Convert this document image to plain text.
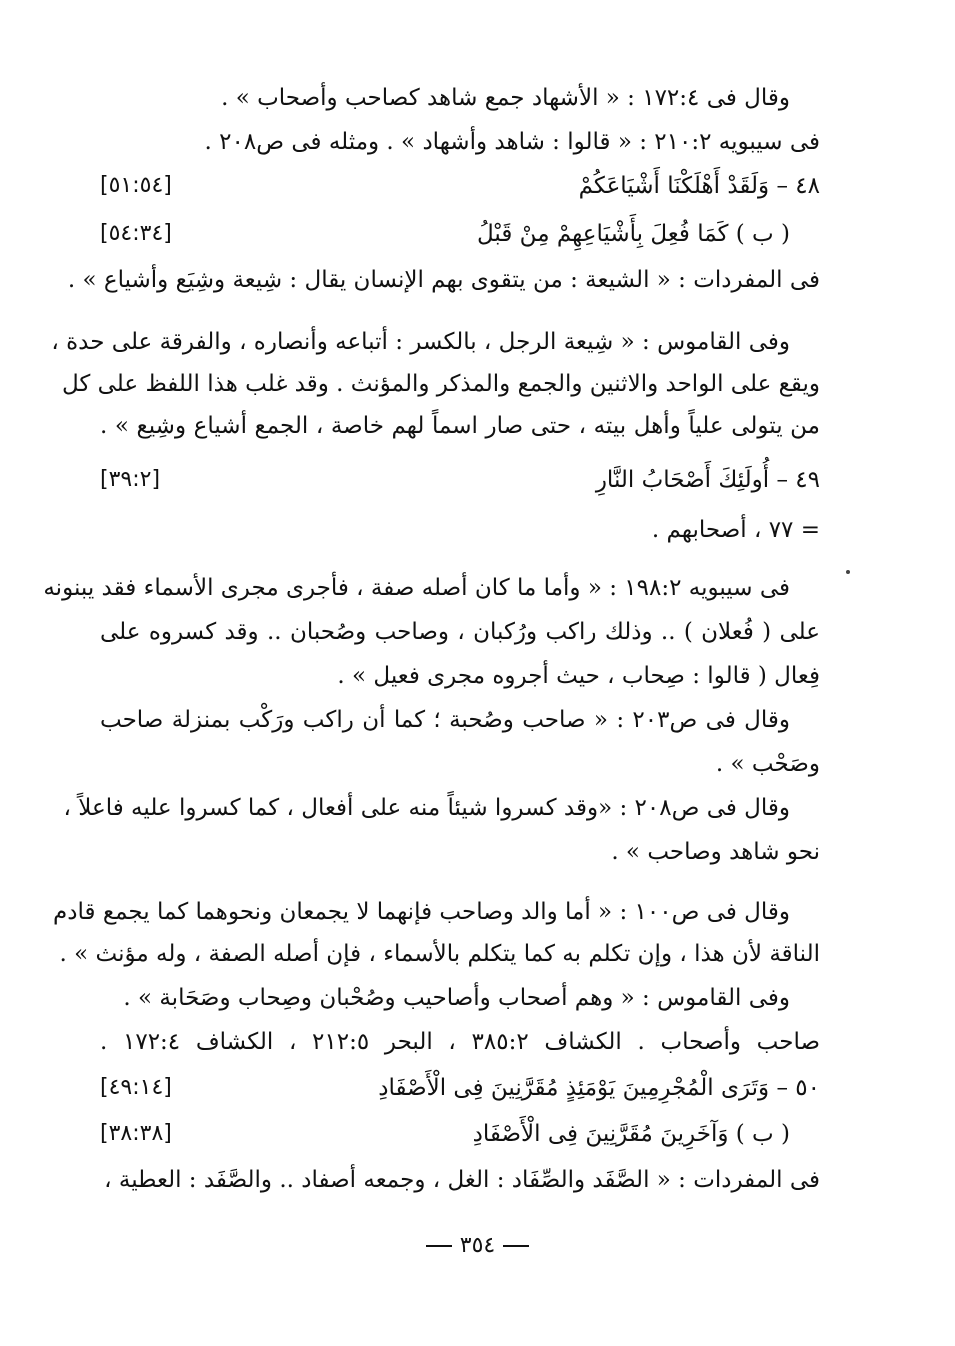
وقال فى ١٧٢:٤ : « الأشهاد جمع شاهد كصاحب وأصحاب » .
فى سيبويه ٢١٠:٢ : « قالوا : شاهد وأشهاد » . ومثله فى ص٢٠٨ .
٤٨ – وَلَقَدْ أَهْلَكْنَا أَشْيَاعَكُمْ
[٥١:٥٤]
( ب ) كَمَا فُعِلَ بِأَشْيَاعِهِمْ مِنْ قَبْلُ
[٥٤:٣٤]
فى المفردات : « الشيعة : من يتقوى بهم الإنسان يقال : شِيعة وشِيَع وأشياع » .
وفى القاموس : « شِيعة الرجل ، بالكسر : أتباعه وأنصاره ، والفرقة على حدة ،
ويقع على الواحد والاثنين والجمع والمذكر والمؤنث . وقد غلب هذا اللفظ على كل
من يتولى علياً وأهل بيته ، حتى صار اسماً لهم خاصة ، الجمع أشياع وشِيع » .
٤٩ – أُولَئِكَ أَصْحَابُ النَّارِ
[٣٩:٢]
= ٧٧ ، أصحابهم .
فى سيبويه ١٩٨:٢ : « وأما ما كان أصله صفة ، فأجرى مجرى الأسماء فقد يبنونه
على ( فُعلان ) .. وذلك راكب ورُكبان ، وصاحب وصُحبان .. وقد كسروه على
فِعال ( قالوا : صِحاب ، حيث أجروه مجرى فعيل » .
وقال فى ص٢٠٣ : « صاحب وصُحبة ؛ كما أن راكب ورَكْب بمنزلة صاحب
وصَحْب » .
وقال فى ص٢٠٨ : «وقد كسروا شيئاً منه على أفعال ، كما كسروا عليه فاعلاً ،
نحو شاهد وصاحب » .
وقال فى ص١٠٠ : « أما والد وصاحب فإنهما لا يجمعان ونحوهما كما يجمع قادم
الناقة لأن هذا ، وإن تكلم به كما يتكلم بالأسماء ، فإن أصله الصفة ، وله مؤنث » .
وفى القاموس : « وهم أصحاب وأصاحيب وصُحْبان وصِحاب وصَحَابة » .
صاحب وأصحاب . الكشاف ٣٨٥:٢ ، البحر ٢١٢:٥ ، الكشاف ١٧٢:٤ .
٥٠ – وَتَرَى الْمُجْرِمِينَ يَوْمَئِذٍ مُقَرَّنِينَ فِى الْأَصْفَادِ
[٤٩:١٤]
( ب ) وَآخَرِينَ مُقَرَّنِينَ فِى الْأَصْفَادِ
[٣٨:٣٨]
فى المفردات : « الصَّفَد والصِّفَاد : الغل ، وجمعه أصفاد .. والصَّفَد : العطية ،
٣٥٤
